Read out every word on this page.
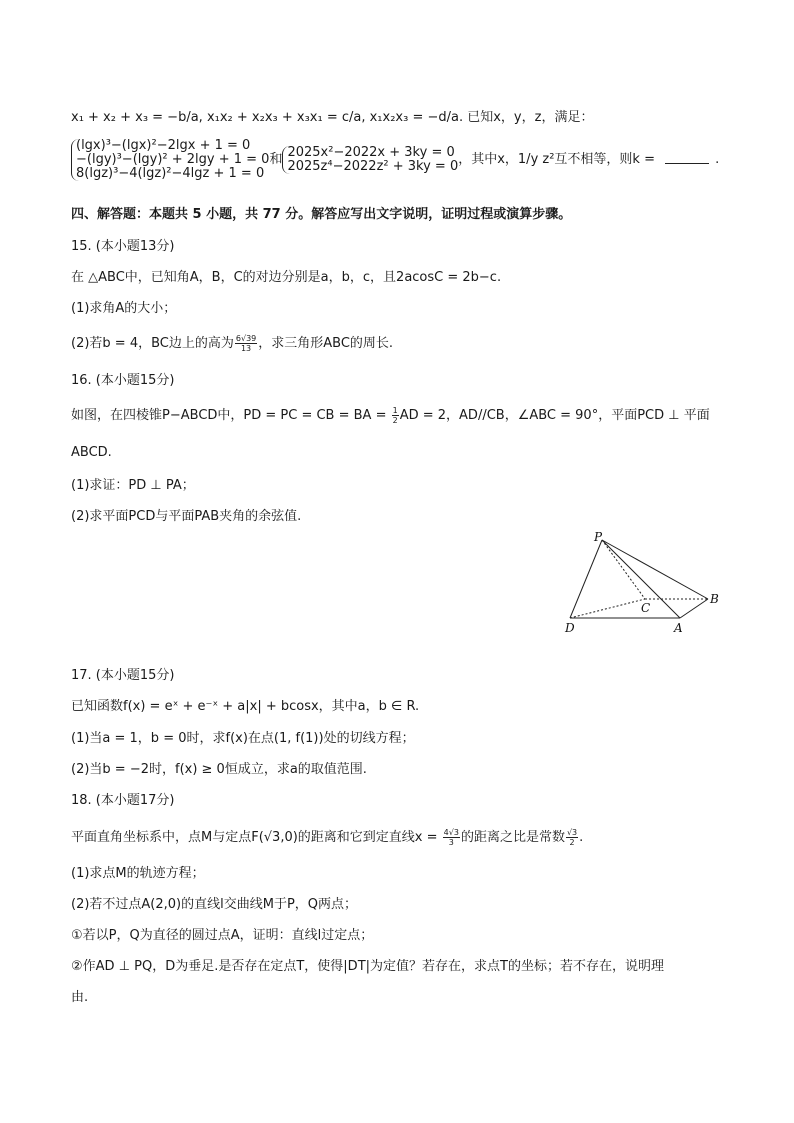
x₁ + x₂ + x₃ = −b/a, x₁x₂ + x₂x₃ + x₃x₁ = c/a, x₁x₂x₃ = −d/a. 已知x，y，z，满足：
(lgx)³−(lgx)²−2lgx + 1 = 0
−(lgy)³−(lgy)² + 2lgy + 1 = 0
8(lgz)³−4(lgz)²−4lgz + 1 = 0
和 2025x²−2022x + 3ky = 0
2025z⁴−2022z² + 3ky = 0 ，其中x，1/y z²互不相等，则k =	.
四、解答题：本题共 5 小题，共 77 分。解答应写出文字说明，证明过程或演算步骤。
15. (本小题13分)
在 △ABC中，已知角A，B，C的对边分别是a，b，c，且2acosC = 2b−c.
(1)求角A的大小；
(2)若b = 4，BC边上的高为 $\frac{6√39}{13}$ ，求三角形ABC的周长.
16. (本小题15分)
如图，在四棱锥P−ABCD中，PD = PC = CB = BA = $\frac{1}{2}$ AD = 2，AD//CB，∠ABC = 90°，平面PCD ⊥ 平面
ABCD.
(1)求证：PD ⊥ PA；
(2)求平面PCD与平面PAB夹角的余弦值.
P
B
C
D	A
17. (本小题15分)
已知函数f(x) = eˣ + e⁻ˣ + a|x| + bcosx，其中a，b ∈ R.
(1)当a = 1，b = 0时，求f(x)在点(1, f(1))处的切线方程；
(2)当b = −2时，f(x) ≥ 0恒成立，求a的取值范围.
18. (本小题17分)
平面直角坐标系中，点M与定点F(√3,0)的距离和它到定直线$x = \frac{4√3}{3}$ 的距离之比是常数 $\frac{√3}{2}$ .
(1)求点M的轨迹方程；
(2)若不过点A(2,0)的直线l交曲线M于P，Q两点；
①若以P，Q为直径的圆过点A，证明：直线l过定点；
②作AD ⊥ PQ，D为垂足.是否存在定点T，使得|DT|为定值？若存在，求点T的坐标；若不存在，说明理
由.
